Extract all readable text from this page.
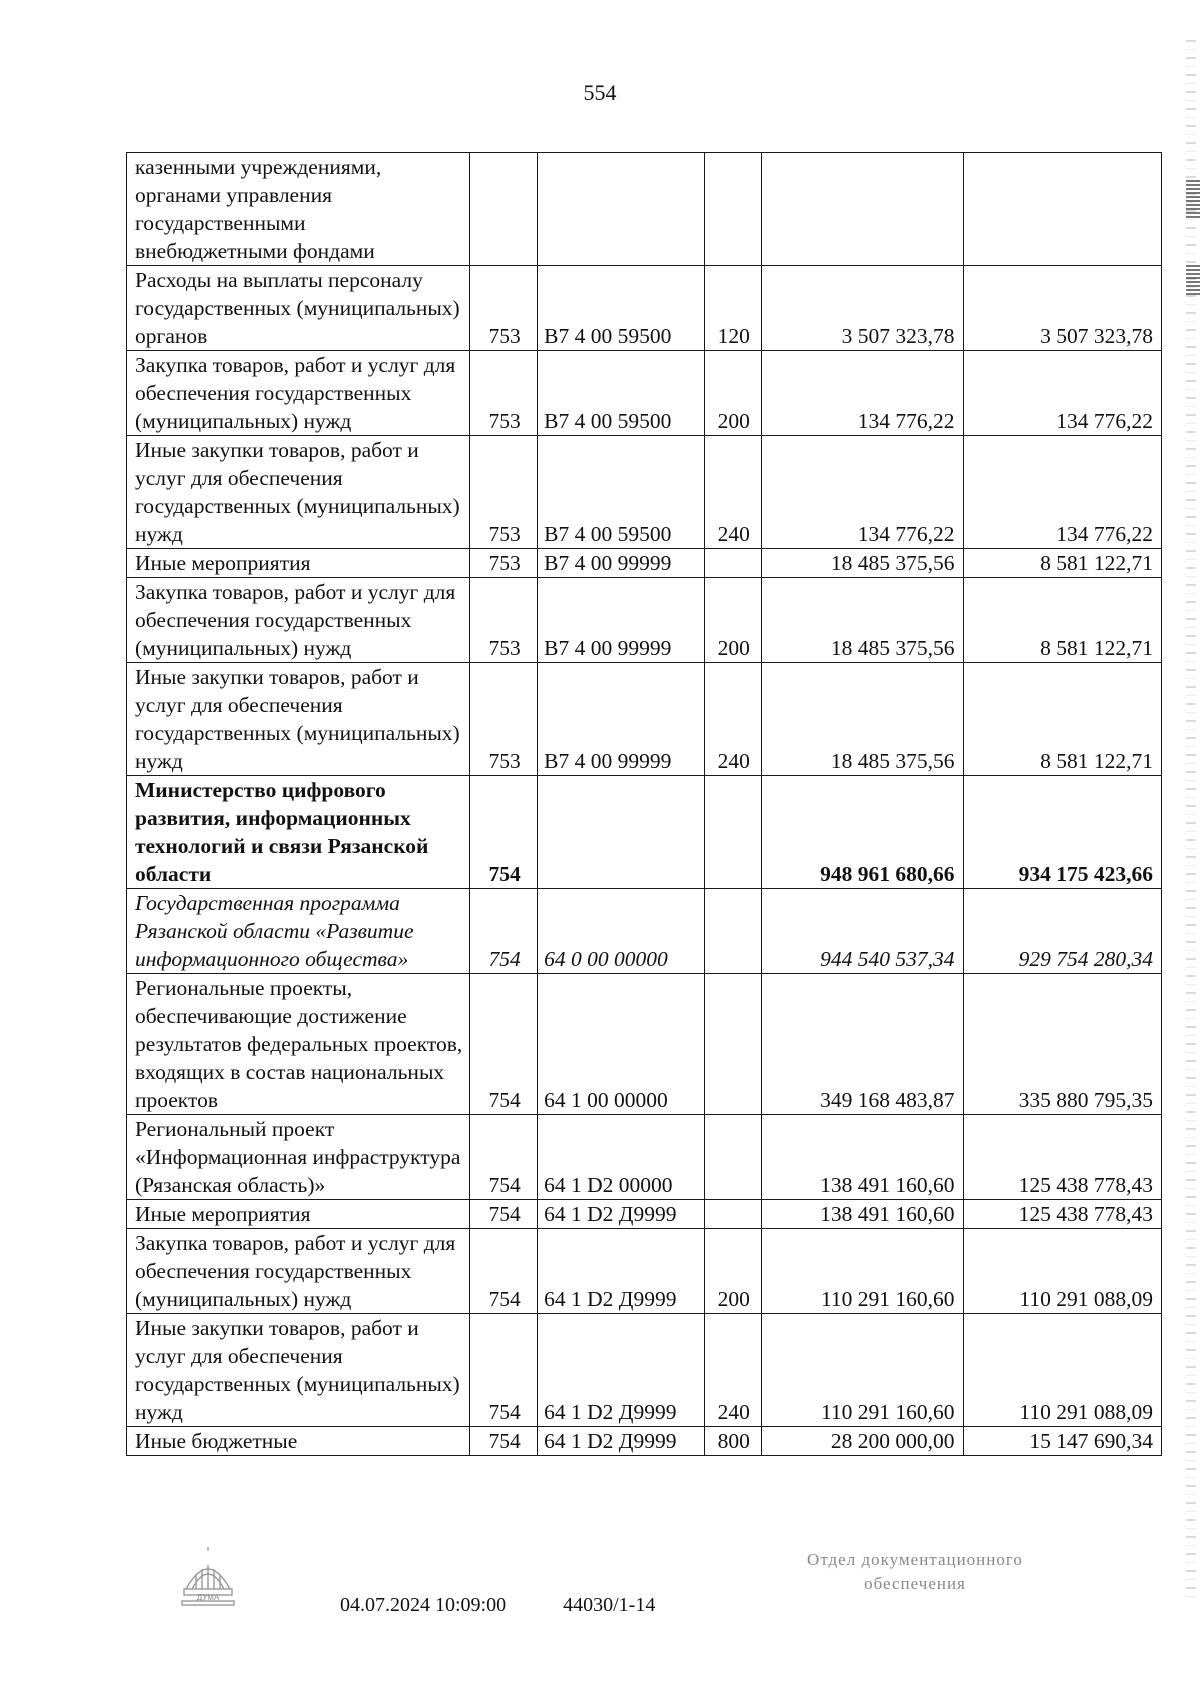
554
казенными учреждениями, органами управления государственными внебюджетными фондами					
Расходы на выплаты персоналу государственных (муниципальных) органов	753	В7 4 00 59500	120	3 507 323,78	3 507 323,78
Закупка товаров, работ и услуг для обеспечения государственных (муниципальных) нужд	753	В7 4 00 59500	200	134 776,22	134 776,22
Иные закупки товаров, работ и услуг для обеспечения государственных (муниципальных) нужд	753	В7 4 00 59500	240	134 776,22	134 776,22
Иные мероприятия	753	В7 4 00 99999		18 485 375,56	8 581 122,71
Закупка товаров, работ и услуг для обеспечения государственных (муниципальных) нужд	753	В7 4 00 99999	200	18 485 375,56	8 581 122,71
Иные закупки товаров, работ и услуг для обеспечения государственных (муниципальных) нужд	753	В7 4 00 99999	240	18 485 375,56	8 581 122,71
Министерство цифрового развития, информационных технологий и связи Рязанской области	754			948 961 680,66	934 175 423,66
Государственная программа Рязанской области «Развитие информационного общества»	754	64 0 00 00000		944 540 537,34	929 754 280,34
Региональные проекты, обеспечивающие достижение результатов федеральных проектов, входящих в состав национальных проектов	754	64 1 00 00000		349 168 483,87	335 880 795,35
Региональный проект «Информационная инфраструктура (Рязанская область)»	754	64 1 D2 00000		138 491 160,60	125 438 778,43
Иные мероприятия	754	64 1 D2 Д9999		138 491 160,60	125 438 778,43
Закупка товаров, работ и услуг для обеспечения государственных (муниципальных) нужд	754	64 1 D2 Д9999	200	110 291 160,60	110 291 088,09
Иные закупки товаров, работ и услуг для обеспечения государственных (муниципальных) нужд	754	64 1 D2 Д9999	240	110 291 160,60	110 291 088,09
Иные бюджетные	754	64 1 D2 Д9999	800	28 200 000,00	15 147 690,34
ДУМА	04.07.2024 10:09:00	44030/1-14
Отдел документационного
обеспечения
